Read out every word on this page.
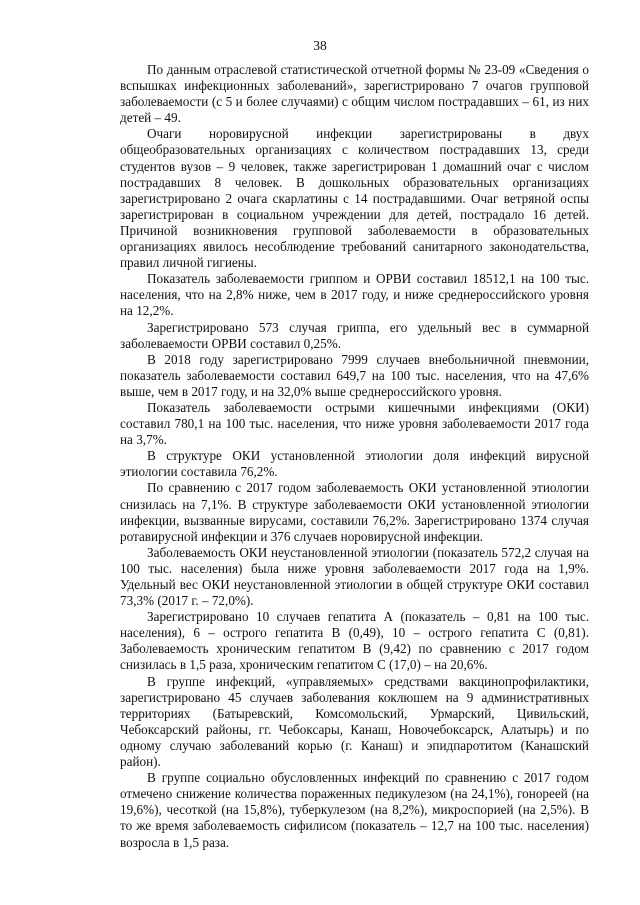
38

По данным отраслевой статистической отчетной формы № 23-09 «Сведения о вспышках инфекционных заболеваний», зарегистрировано 7 очагов групповой заболеваемости (с 5 и более случаями) с общим числом пострадавших – 61, из них детей – 49.

Очаги норовирусной инфекции зарегистрированы в двух общеобразовательных организациях с количеством пострадавших 13, среди студентов вузов – 9 человек, также зарегистрирован 1 домашний очаг с числом пострадавших 8 человек. В дошкольных образовательных организациях зарегистрировано 2 очага скарлатины с 14 пострадавшими. Очаг ветряной оспы зарегистрирован в социальном учреждении для детей, пострадало 16 детей. Причиной возникновения групповой заболеваемости в образовательных организациях явилось несоблюдение требований санитарного законодательства, правил личной гигиены.

Показатель заболеваемости гриппом и ОРВИ составил 18512,1 на 100 тыс. населения, что на 2,8% ниже, чем в 2017 году, и ниже среднероссийского уровня на 12,2%.

Зарегистрировано 573 случая гриппа, его удельный вес в суммарной заболеваемости ОРВИ составил 0,25%.

В 2018 году зарегистрировано 7999 случаев внебольничной пневмонии, показатель заболеваемости составил 649,7 на 100 тыс. населения, что на 47,6% выше, чем в 2017 году, и на 32,0% выше среднероссийского уровня.

Показатель заболеваемости острыми кишечными инфекциями (ОКИ) составил 780,1 на 100 тыс. населения, что ниже уровня заболеваемости 2017 года на 3,7%.

В структуре ОКИ установленной этиологии доля инфекций вирусной этиологии составила 76,2%.

По сравнению с 2017 годом заболеваемость ОКИ установленной этиологии снизилась на 7,1%. В структуре заболеваемости ОКИ установленной этиологии инфекции, вызванные вирусами, составили 76,2%. Зарегистрировано 1374 случая ротавирусной инфекции и 376 случаев норовирусной инфекции.

Заболеваемость ОКИ неустановленной этиологии (показатель 572,2 случая на 100 тыс. населения) была ниже уровня заболеваемости 2017 года на 1,9%. Удельный вес ОКИ неустановленной этиологии в общей структуре ОКИ составил 73,3% (2017 г. – 72,0%).

Зарегистрировано 10 случаев гепатита А (показатель – 0,81 на 100 тыс. населения), 6 – острого гепатита В (0,49), 10 – острого гепатита С (0,81). Заболеваемость хроническим гепатитом В (9,42) по сравнению с 2017 годом снизилась в 1,5 раза, хроническим гепатитом С (17,0) – на 20,6%.

В группе инфекций, «управляемых» средствами вакцинопрофилактики, зарегистрировано 45 случаев заболевания коклюшем на 9 административных территориях (Батыревский, Комсомольский, Урмарский, Цивильский, Чебоксарский районы, гг. Чебоксары, Канаш, Новочебоксарск, Алатырь) и по одному случаю заболеваний корью (г. Канаш) и эпидпаротитом (Канашский район).

В группе социально обусловленных инфекций по сравнению с 2017 годом отмечено снижение количества пораженных педикулезом (на 24,1%), гонореей (на 19,6%), чесоткой (на 15,8%), туберкулезом (на 8,2%), микроспорией (на 2,5%). В то же время заболеваемость сифилисом (показатель – 12,7 на 100 тыс. населения) возросла в 1,5 раза.
